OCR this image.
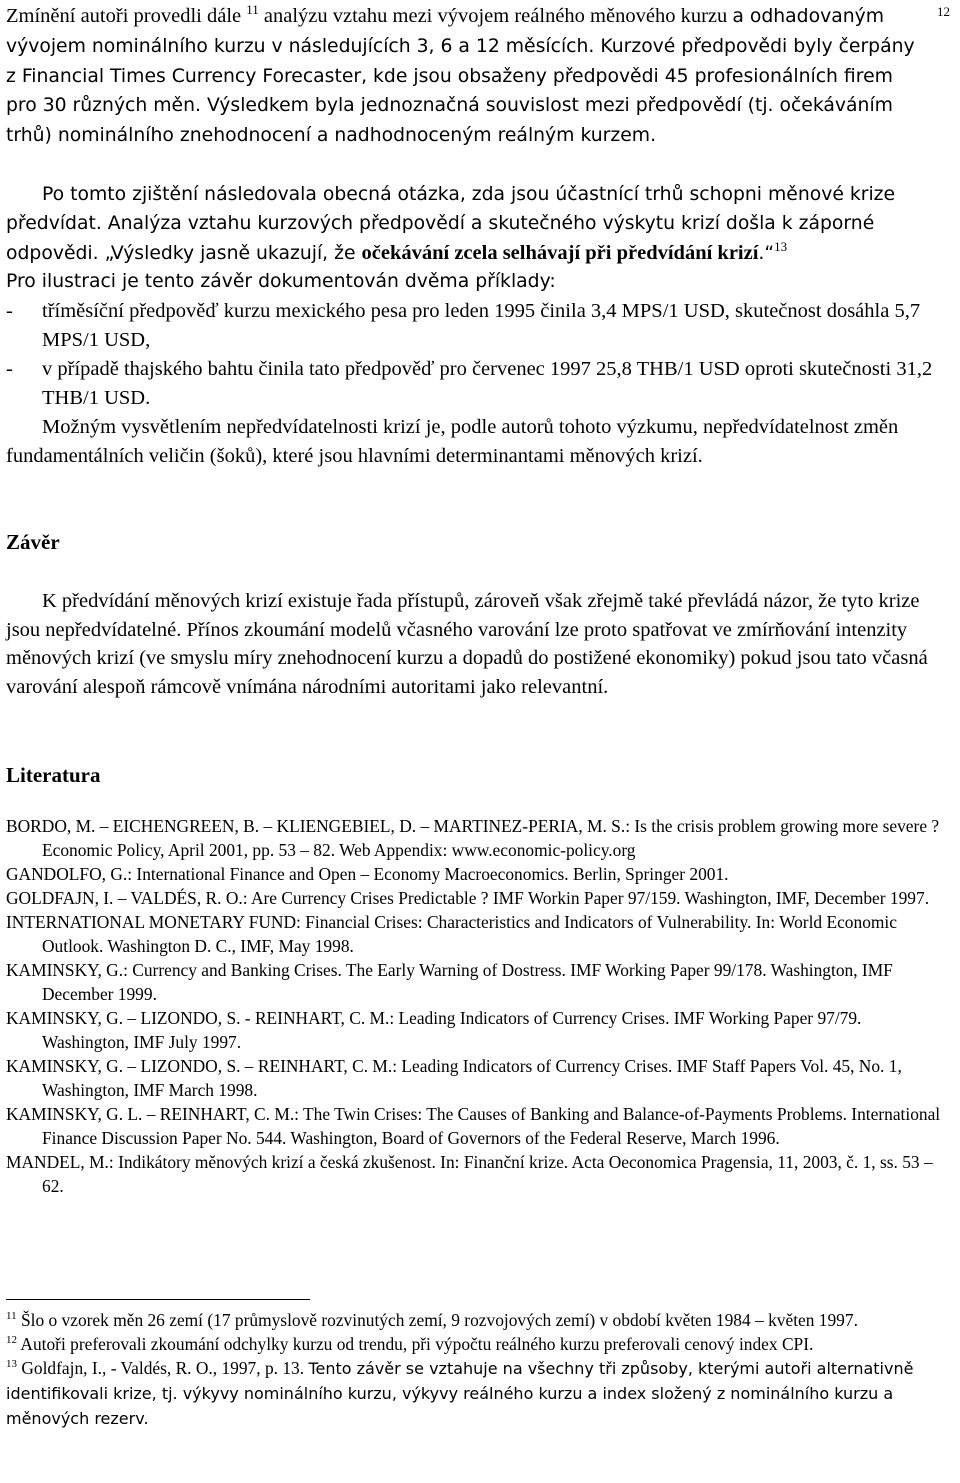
Zmínění autoři provedli dále $^{11}$ analýzu vztahu mezi vývojem reálného měnového kurzu a odhadovaným vývojem nominálního kurzu v následujících 3, 6 a 12 měsících. Kurzové předpovědi byly čerpány z Financial Times Currency Forecaster, kde jsou obsaženy předpovědi 45 profesionálních firem pro 30 různých měn. Výsledkem byla jednoznačná souvislost mezi předpovědí (tj. očekáváním trhů) nominálního znehodnocení a nadhodnoceným reálným kurzem.

12

Po tomto zjištění následovala obecná otázka, zda jsou účastnící trhů schopni měnové krize předvídat. Analýza vztahu kurzových předpovědí a skutečného výskytu krizí došla k záporné odpovědi. „Výsledky jasně ukazují, že očekávání zcela selhávají při předvídání krizí.“$^{13}$

Pro ilustraci je tento závěr dokumentován dvěma příklady:

- tříměsíční předpověď kurzu mexického pesa pro leden 1995 činila 3,4 MPS/1 USD, skutečnost dosáhla 5,7 MPS/1 USD,
- v případě thajského bahtu činila tato předpověď pro červenec 1997 25,8 THB/1 USD oproti skutečnosti 31,2 THB/1 USD.

Možným vysvětlením nepředvídatelnosti krizí je, podle autorů tohoto výzkumu, nepředvídatelnost změn fundamentálních veličin (šoků), které jsou hlavními determinantami měnových krizí.

Závěr

K předvídání měnových krizí existuje řada přístupů, zároveň však zřejmě také převládá názor, že tyto krize jsou nepředvídatelné. Přínos zkoumání modelů včasného varování lze proto spatřovat ve zmírňování intenzity měnových krizí (ve smyslu míry znehodnocení kurzu a dopadů do postižené ekonomiky) pokud jsou tato včasná varování alespoň rámcově vnímána národními autoritami jako relevantní.

Literatura

BORDO, M. – EICHENGREEN, B. – KLIENGEBIEL, D. – MARTINEZ-PERIA, M. S.: Is the crisis problem growing more severe ? Economic Policy, April 2001, pp. 53 – 82. Web Appendix: www.economic-policy.org

GANDOLFO, G.: International Finance and Open – Economy Macroeconomics. Berlin, Springer 2001.

GOLDFAJN, I. – VALDÉS, R. O.: Are Currency Crises Predictable ? IMF Workin Paper 97/159. Washington, IMF, December 1997.

INTERNATIONAL MONETARY FUND: Financial Crises: Characteristics and Indicators of Vulnerability. In: World Economic Outlook. Washington D. C., IMF, May 1998.

KAMINSKY, G.: Currency and Banking Crises. The Early Warning of Dostress. IMF Working Paper 99/178. Washington, IMF December 1999.

KAMINSKY, G. – LIZONDO, S. - REINHART, C. M.: Leading Indicators of Currency Crises. IMF Working Paper 97/79. Washington, IMF July 1997.

KAMINSKY, G. – LIZONDO, S. – REINHART, C. M.: Leading Indicators of Currency Crises. IMF Staff Papers Vol. 45, No. 1, Washington, IMF March 1998.

KAMINSKY, G. L. – REINHART, C. M.: The Twin Crises: The Causes of Banking and Balance-of-Payments Problems. International Finance Discussion Paper No. 544. Washington, Board of Governors of the Federal Reserve, March 1996.

MANDEL, M.: Indikátory měnových krizí a česká zkušenost. In: Finanční krize. Acta Oeconomica Pragensia, 11, 2003, č. 1, ss. 53 – 62.

$^{11}$ Šlo o vzorek měn 26 zemí (17 průmyslově rozvinutých zemí, 9 rozvojových zemí) v období květen 1984 – květen 1997.

$^{12}$ Autoři preferovali zkoumání odchylky kurzu od trendu, při výpočtu reálného kurzu preferovali cenový index CPI.

$^{13}$ Goldfajn, I., - Valdés, R. O., 1997, p. 13. Tento závěr se vztahuje na všechny tři způsoby, kterými autoři alternativně identifikovali krize, tj. výkyvy nominálního kurzu, výkyvy reálného kurzu a index složený z nominálního kurzu a měnových rezerv.
